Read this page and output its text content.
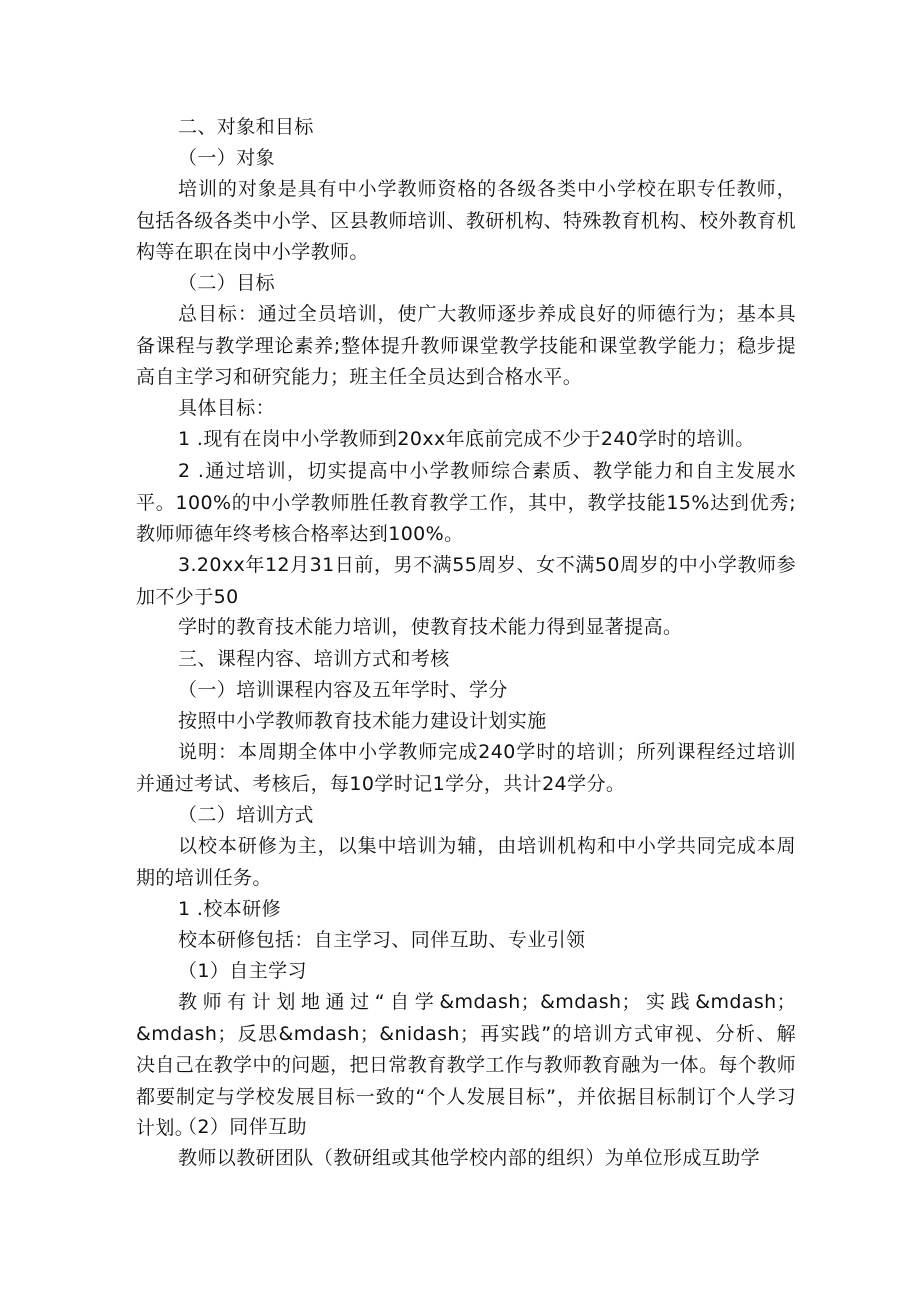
二、对象和目标
（一）对象
培训的对象是具有中小学教师资格的各级各类中小学校在职专任教师，包括各级各类中小学、区县教师培训、教研机构、特殊教育机构、校外教育机构等在职在岗中小学教师。
（二）目标
总目标：通过全员培训，使广大教师逐步养成良好的师德行为；基本具备课程与教学理论素养;整体提升教师课堂教学技能和课堂教学能力；稳步提高自主学习和研究能力；班主任全员达到合格水平。
具体目标：
1 .现有在岗中小学教师到20xx年底前完成不少于240学时的培训。
2 .通过培训，切实提高中小学教师综合素质、教学能力和自主发展水平。100%的中小学教师胜任教育教学工作，其中，教学技能15%达到优秀;教师师德年终考核合格率达到100%。
3.20xx年12月31日前，男不满55周岁、女不满50周岁的中小学教师参加不少于50
学时的教育技术能力培训，使教育技术能力得到显著提高。
三、课程内容、培训方式和考核
（一）培训课程内容及五年学时、学分
按照中小学教师教育技术能力建设计划实施
说明：本周期全体中小学教师完成240学时的培训；所列课程经过培训并通过考试、考核后，每10学时记1学分，共计24学分。
（二）培训方式
以校本研修为主，以集中培训为辅，由培训机构和中小学共同完成本周期的培训任务。
1 .校本研修
校本研修包括：自主学习、同伴互助、专业引领
（1）自主学习
教师有计划地通过“自学&mdash；&mdash；实践&mdash；&mdash；反思&mdash；&nidash；再实践”的培训方式审视、分析、解决自己在教学中的问题，把日常教育教学工作与教师教育融为一体。每个教师都要制定与学校发展目标一致的“个人发展目标”，并依据目标制订个人学习计划。
（2）同伴互助
教师以教研团队（教研组或其他学校内部的组织）为单位形成互助学
